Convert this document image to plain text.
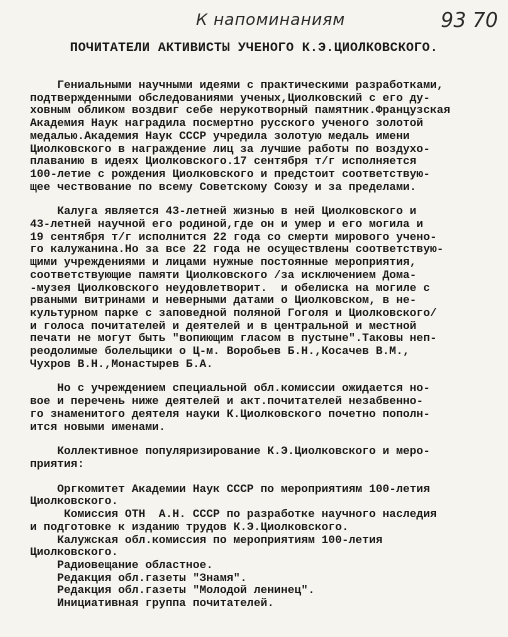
К напоминаниям	93 70
ПОЧИТАТЕЛИ АКТИВИСТЫ УЧЕНОГО К.Э.ЦИОЛКОВСКОГО.
Гениальными научными идеями с практическими разработками,
подтвержденными обследованиями ученых,Циолковский с его ду-
ховным обликом воздвиг себе нерукотворный памятник.Французская
Академия Наук наградила посмертно русского ученого золотой
медалью.Академия Наук СССР учредила золотую медаль имени
Циолковского в награждение лиц за лучшие работы по воздухо-
плаванию в идеях Циолковского.17 сентября т/г исполняется
100-летие с рождения Циолковского и предстоит соответствую-
щее чествование по всему Советскому Союзу и за пределами.
Калуга является 43-летней жизнью в ней Циолковского и
43-летней научной его родиной,где он и умер и его могила и
19 сентября т/г исполнится 22 года со смерти мирового учено-
го калужанина.Но за все 22 года не осуществлены соответствую-
щими учреждениями и лицами нужные постоянные мероприятия,
соответствующие памяти Циолковского /за исключением Дома-
-музея Циолковского неудовлетворит.  и обелиска на могиле с
рваными витринами и неверными датами о Циолковском, в не-
культурном парке с заповедной поляной Гоголя и Циолковского/
и голоса почитателей и деятелей и в центральной и местной
печати не могут быть "вопиющим гласом в пустыне".Таковы неп-
реодолимые болельщики о Ц-м. Воробьев Б.Н.,Косачев В.М.,
Чухров В.Н.,Монастырев Б.А.
Но с учреждением специальной обл.комиссии ожидается но-
вое и перечень ниже деятелей и акт.почитателей незабвенно-
го знаменитого деятеля науки К.Циолковского почетно пополн-
ится новыми именами.
Коллективное популяризирование К.Э.Циолковского и меро-
приятия:
Оргкомитет Академии Наук СССР по мероприятиям 100-летия
Циолковского.
Комиссия ОТН  А.Н. СССР по разработке научного наследия
и подготовке к изданию трудов К.Э.Циолковского.
Калужская обл.комиссия по мероприятиям 100-летия
Циолковского.
Радиовещание областное.
Редакция обл.газеты "Знамя".
Редакция обл.газеты "Молодой ленинец".
Инициативная группа почитателей.
